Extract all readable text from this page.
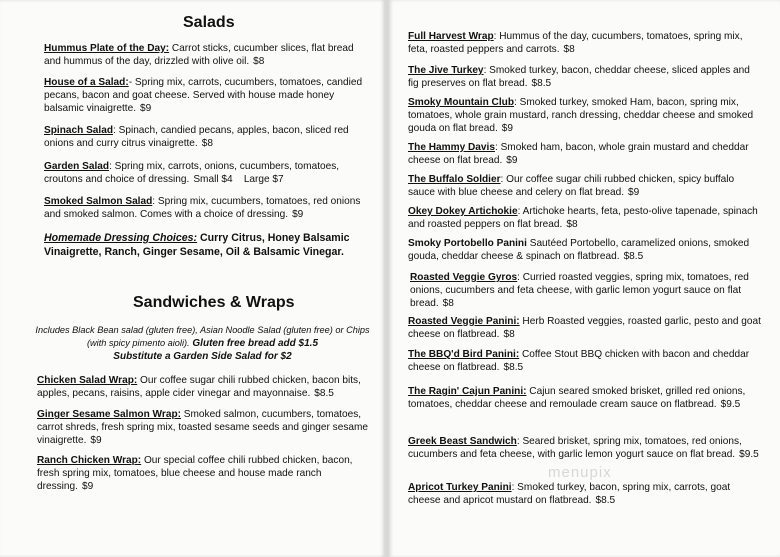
Salads
Hummus Plate of the Day: Carrot sticks, cucumber slices, flat bread and hummus of the day, drizzled with olive oil. $8
House of a Salad:- Spring mix, carrots, cucumbers, tomatoes, candied pecans, bacon and goat cheese. Served with house made honey balsamic vinaigrette. $9
Spinach Salad: Spinach, candied pecans, apples, bacon, sliced red onions and curry citrus vinaigrette. $8
Garden Salad: Spring mix, carrots, onions, cucumbers, tomatoes, croutons and choice of dressing. Small $4    Large $7
Smoked Salmon Salad: Spring mix, cucumbers, tomatoes, red onions and smoked salmon. Comes with a choice of dressing. $9
Homemade Dressing Choices: Curry Citrus, Honey Balsamic Vinaigrette, Ranch, Ginger Sesame, Oil & Balsamic Vinegar.
Sandwiches & Wraps
Includes Black Bean salad (gluten free), Asian Noodle Salad (gluten free) or Chips
(with spicy pimento aioli). Gluten free bread add $1.5
Substitute a Garden Side Salad for $2
Chicken Salad Wrap: Our coffee sugar chili rubbed chicken, bacon bits, apples, pecans, raisins, apple cider vinegar and mayonnaise. $8.5
Ginger Sesame Salmon Wrap: Smoked salmon, cucumbers, tomatoes, carrot shreds, fresh spring mix, toasted sesame seeds and ginger sesame vinaigrette. $9
Ranch Chicken Wrap: Our special coffee chili rubbed chicken, bacon, fresh spring mix, tomatoes, blue cheese and house made ranch dressing. $9
Full Harvest Wrap: Hummus of the day, cucumbers, tomatoes, spring mix, feta, roasted peppers and carrots. $8
The Jive Turkey: Smoked turkey, bacon, cheddar cheese, sliced apples and fig preserves on flat bread. $8.5
Smoky Mountain Club: Smoked turkey, smoked Ham, bacon, spring mix, tomatoes, whole grain mustard, ranch dressing, cheddar cheese and smoked gouda on flat bread. $9
The Hammy Davis: Smoked ham, bacon, whole grain mustard and cheddar cheese on flat bread. $9
The Buffalo Soldier: Our coffee sugar chili rubbed chicken, spicy buffalo sauce with blue cheese and celery on flat bread. $9
Okey Dokey Artichokie: Artichoke hearts, feta, pesto-olive tapenade, spinach and roasted peppers on flat bread. $8
Smoky Portobello Panini Sautéed Portobello, caramelized onions, smoked gouda, cheddar cheese & spinach on flatbread. $8.5
Roasted Veggie Gyros: Curried roasted veggies, spring mix, tomatoes, red onions, cucumbers and feta cheese, with garlic lemon yogurt sauce on flat bread. $8
Roasted Veggie Panini: Herb Roasted veggies, roasted garlic, pesto and goat cheese on flatbread. $8
The BBQ'd Bird Panini: Coffee Stout BBQ chicken with bacon and cheddar cheese on flatbread. $8.5
The Ragin' Cajun Panini: Cajun seared smoked brisket, grilled red onions, tomatoes, cheddar cheese and remoulade cream sauce on flatbread. $9.5
Greek Beast Sandwich: Seared brisket, spring mix, tomatoes, red onions, cucumbers and feta cheese, with garlic lemon yogurt sauce on flat bread. $9.5
Apricot Turkey Panini: Smoked turkey, bacon, spring mix, carrots, goat cheese and apricot mustard on flatbread. $8.5
menupix
